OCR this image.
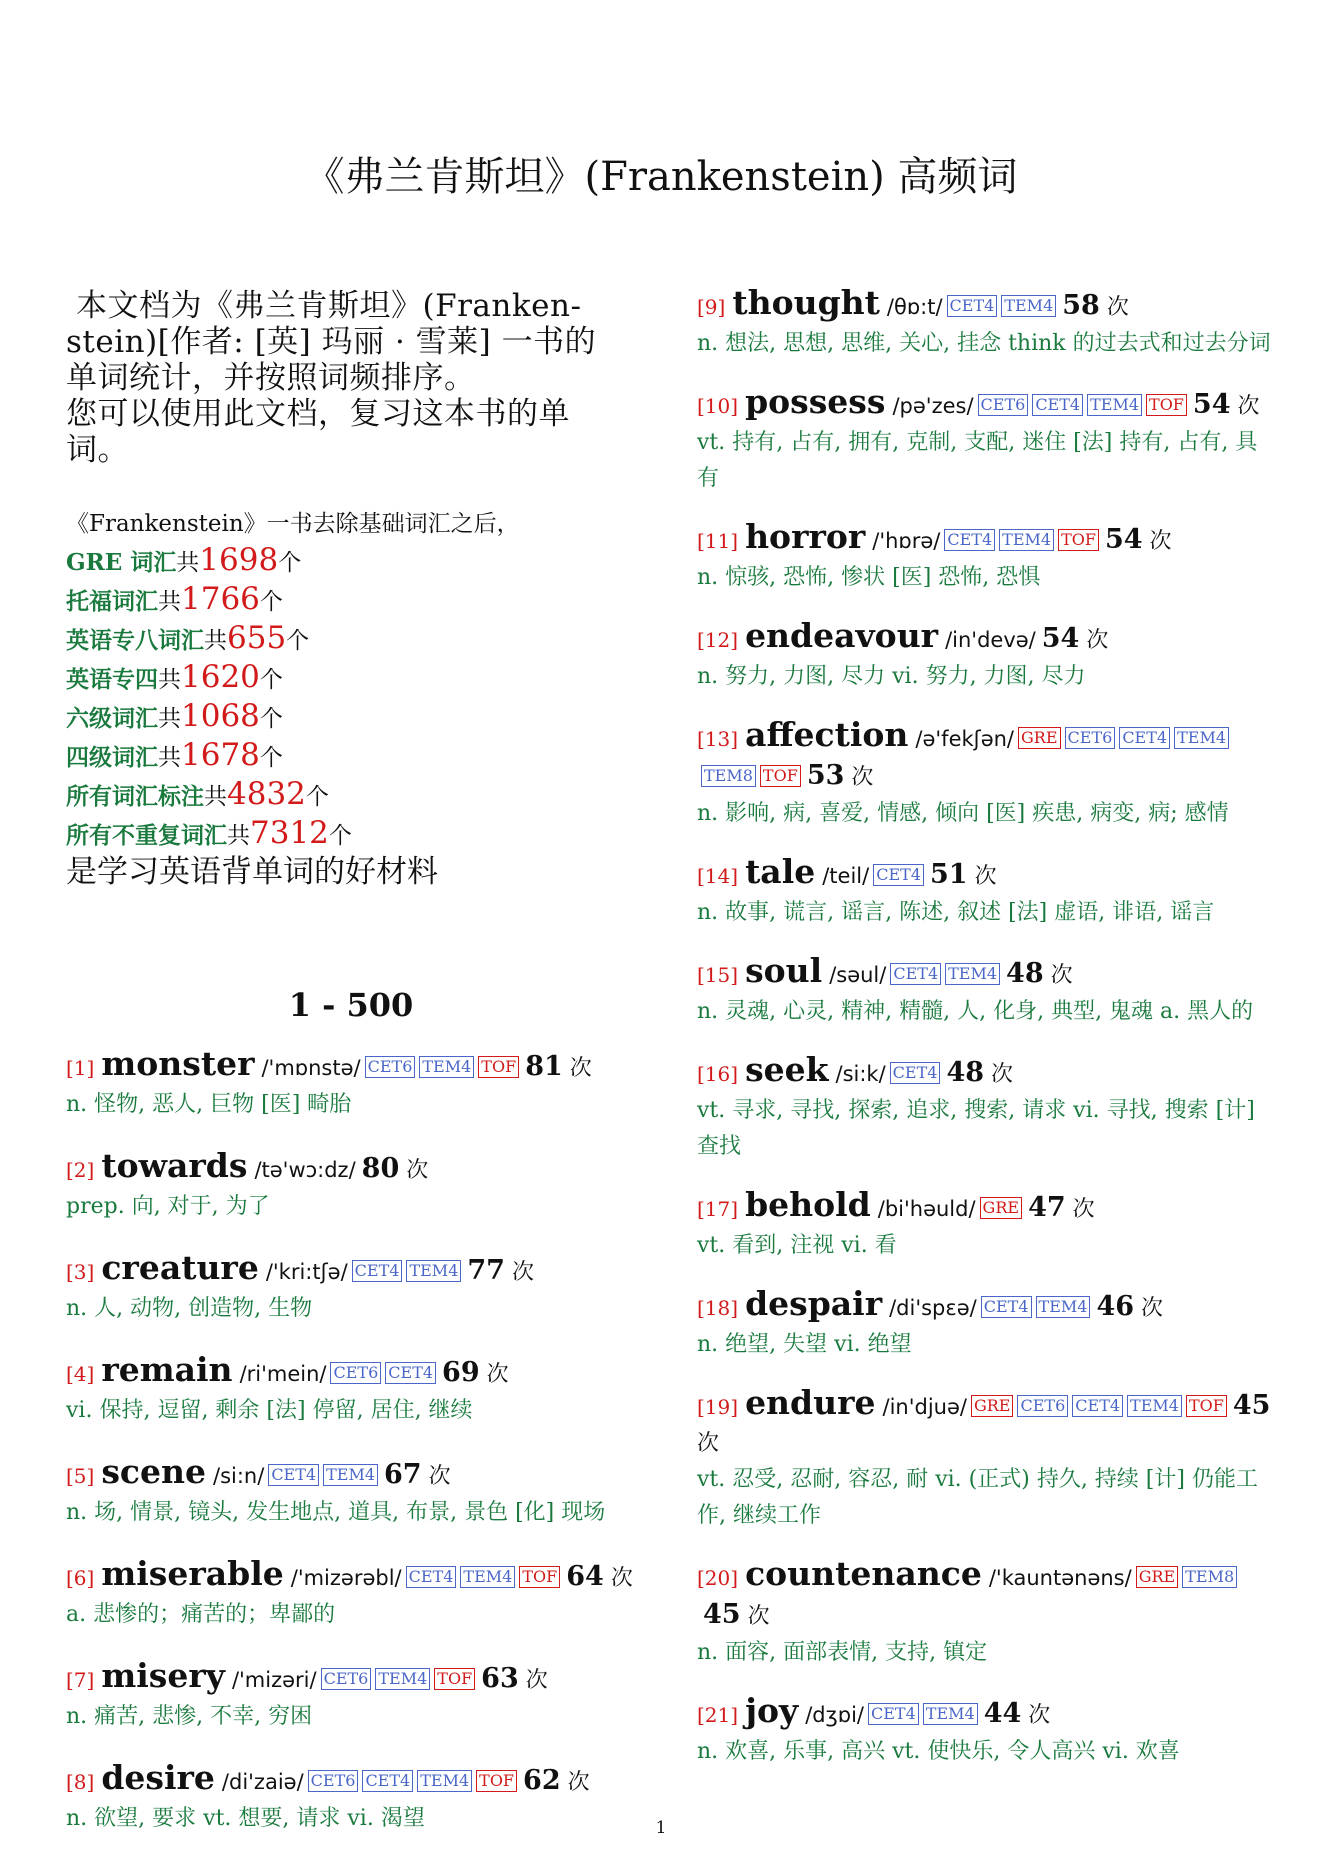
《弗兰肯斯坦》(Frankenstein) 高频词
本文档为《弗兰肯斯坦》(Franken-
stein)[作者: [英] 玛丽 · 雪莱] 一书的
单词统计，并按照词频排序。
您可以使用此文档，复习这本书的单
词。
《Frankenstein》一书去除基础词汇之后，
GRE 词汇共1698个
托福词汇共1766个
英语专八词汇共655个
英语专四共1620个
六级词汇共1068个
四级词汇共1678个
所有词汇标注共4832个
所有不重复词汇共7312个
是学习英语背单词的好材料
1 - 500
[1] monster /'mɒnstə/ CET6 TEM4 TOF 81 次
n. 怪物, 恶人, 巨物 [医] 畸胎
[2] towards /tə'wɔ:dz/ 80 次
prep. 向, 对于, 为了
[3] creature /'kri:tʃə/ CET4 TEM4 77 次
n. 人, 动物, 创造物, 生物
[4] remain /ri'mein/ CET6 CET4 69 次
vi. 保持, 逗留, 剩余 [法] 停留, 居住, 继续
[5] scene /si:n/ CET4 TEM4 67 次
n. 场, 情景, 镜头, 发生地点, 道具, 布景, 景色 [化] 现场
[6] miserable /'mizərəbl/ CET4 TEM4 TOF 64 次
a. 悲惨的；痛苦的；卑鄙的
[7] misery /'mizəri/ CET6 TEM4 TOF 63 次
n. 痛苦, 悲惨, 不幸, 穷困
[8] desire /di'zaiə/ CET6 CET4 TEM4 TOF 62 次
n. 欲望, 要求 vt. 想要, 请求 vi. 渴望
[9] thought /θɒ:t/ CET4 TEM4 58 次
n. 想法, 思想, 思维, 关心, 挂念 think 的过去式和过去分词
[10] possess /pə'zes/ CET6 CET4 TEM4 TOF 54 次
vt. 持有, 占有, 拥有, 克制, 支配, 迷住 [法] 持有, 占有, 具有
[11] horror /'hɒrə/ CET4 TEM4 TOF 54 次
n. 惊骇, 恐怖, 惨状 [医] 恐怖, 恐惧
[12] endeavour /in'devə/ 54 次
n. 努力, 力图, 尽力 vi. 努力, 力图, 尽力
[13] affection /ə'fekʃən/ GRE CET6 CET4 TEM4TEM8 TOF 53 次
n. 影响, 病, 喜爱, 情感, 倾向 [医] 疾患, 病变, 病; 感情
[14] tale /teil/ CET4 51 次
n. 故事, 谎言, 谣言, 陈述, 叙述 [法] 虚语, 诽语, 谣言
[15] soul /səul/ CET4 TEM4 48 次
n. 灵魂, 心灵, 精神, 精髓, 人, 化身, 典型, 鬼魂 a. 黑人的
[16] seek /si:k/ CET4 48 次
vt. 寻求, 寻找, 探索, 追求, 搜索, 请求 vi. 寻找, 搜索 [计] 查找
[17] behold /bi'həuld/ GRE 47 次
vt. 看到, 注视 vi. 看
[18] despair /di'spɛə/ CET4 TEM4 46 次
n. 绝望, 失望 vi. 绝望
[19] endure /in'djuə/ GRE CET6 CET4 TEM4 TOF 45 次
vt. 忍受, 忍耐, 容忍, 耐 vi. (正式) 持久, 持续 [计] 仍能工作, 继续工作
[20] countenance /'kauntənəns/ GRE TEM845 次
n. 面容, 面部表情, 支持, 镇定
[21] joy /dʒɒi/ CET4 TEM4 44 次
n. 欢喜, 乐事, 高兴 vt. 使快乐, 令人高兴 vi. 欢喜
1
